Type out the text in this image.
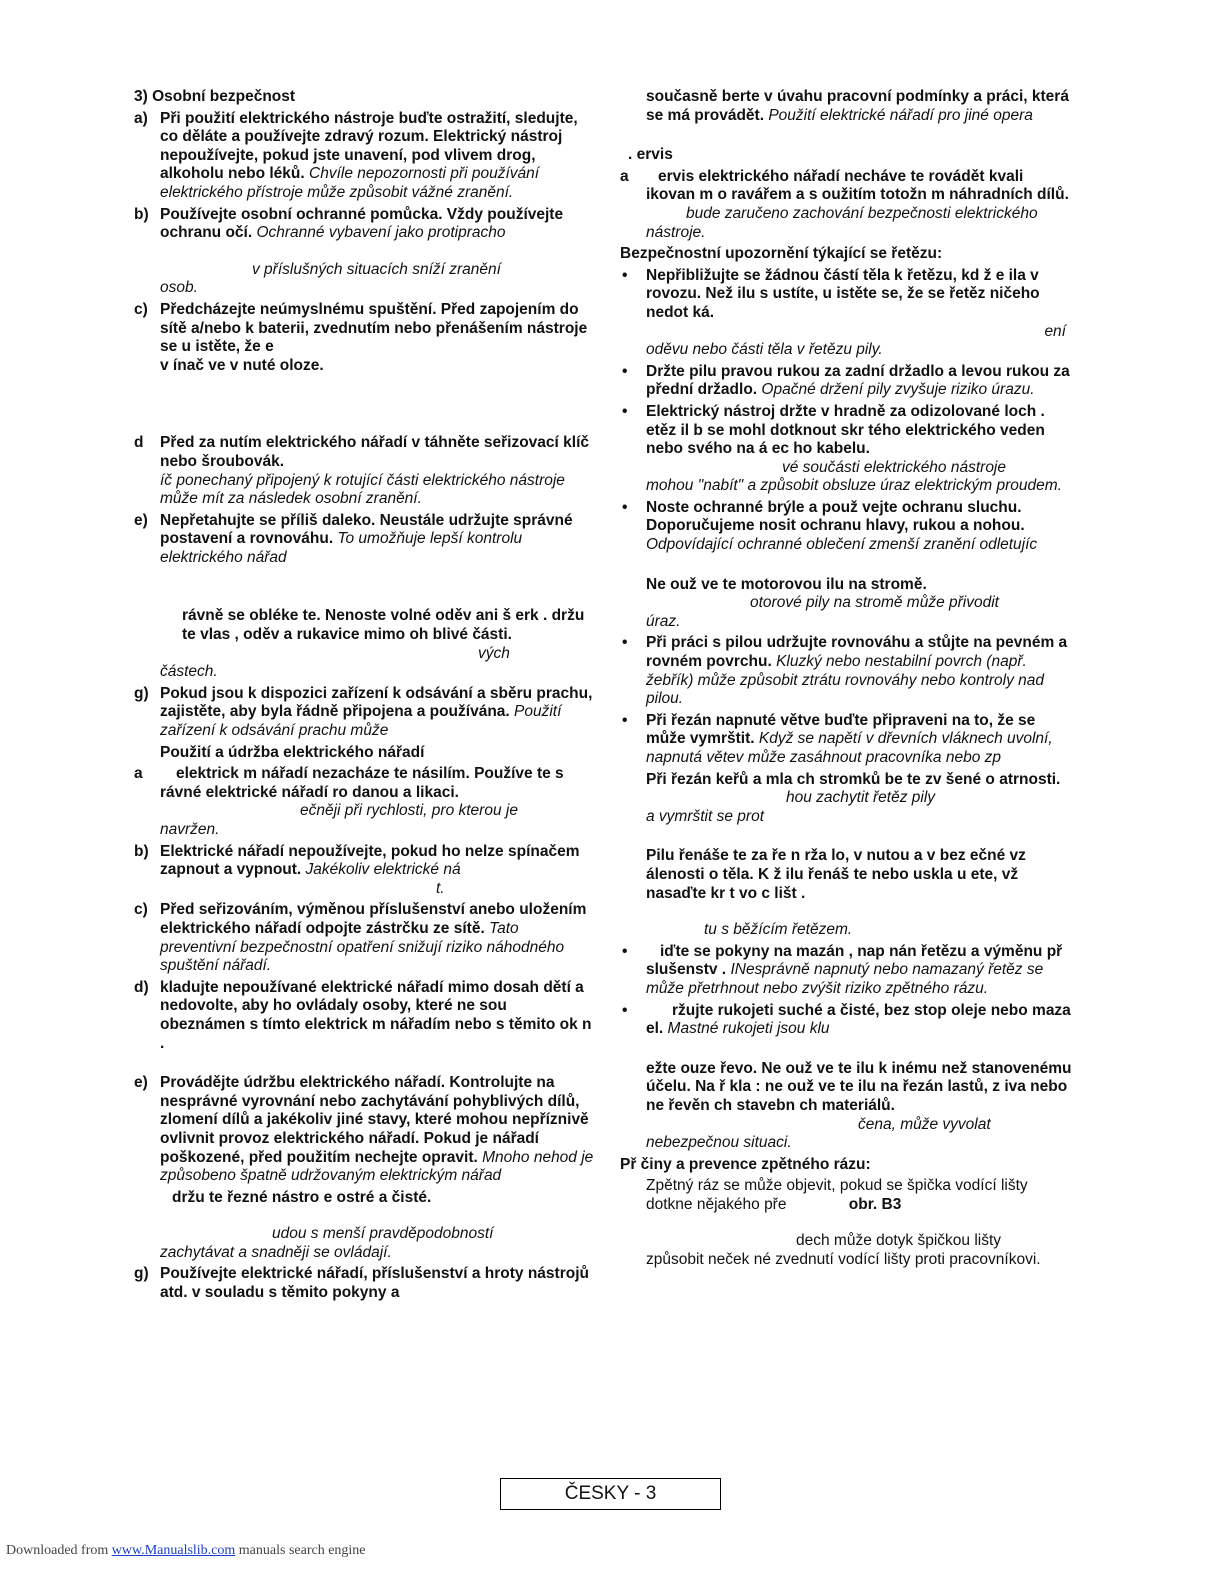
3) Osobní bezpečnost
a) Při použití elektrického nástroje buďte ostražití, sledujte, co děláte a používejte zdravý rozum. Elektrický nástroj nepoužívejte, pokud jste unavení, pod vlivem drog, alkoholu nebo léků. Chvíle nepozornosti při používání elektrického přístroje může způsobit vážné zranění.
b) Používejte osobní ochranné pomůcka. Vždy používejte ochranu očí. Ochranné vybavení jako protipracho
v příslušných situacích sníží zranění
osob.
c) Předcházejte neúmyslnému spuštění. Před zapojením do sítě a/nebo k baterii, zvednutím nebo přenášením nástroje se u istěte, že e
v ínač ve v nuté oloze.
d Před za nutím elektrického nářadí v táhněte seřizovací klíč nebo šroubovák.
íč ponechaný připojený k rotující části elektrického nástroje může mít za následek osobní zranění.
e) Nepřetahujte se příliš daleko. Neustále udržujte správné postavení a rovnováhu. To umožňuje lepší kontrolu elektrického nářad
rávně se obléke te. Nenoste volné oděv ani š erk . držu te vlas , oděv a rukavice mimo oh blivé části.
vých
částech.
g) Pokud jsou k dispozici zařízení k odsávání a sběru prachu, zajistěte, aby byla řádně připojena a používána. Použití zařízení k odsávání prachu může
Použití a údržba elektrického nářadí
a elektrick m nářadí nezacházе te násilím. Používe te s rávné elektrické nářadí ro danou a likaci.
ečněji při rychlosti, pro kterou je
navržen.
b) Elektrické nářadí nepoužívejte, pokud ho nelze spínačem zapnout a vypnout. Jakékoliv elektrické ná
t.
c) Před seřizováním, výměnou příslušenství anebo uložením elektrického nářadí odpojte zástrčku ze sítě. Tato preventivní bezpečnostní opatření snižují riziko náhodného spuštění nářadí.
d) kladujte nepoužívané elektrické nářadí mimo dosah dětí a nedovolte, aby ho ovládaly osoby, které ne sou obeznámen s tímto elektrick m nářadím nebo s těmito ok n .
e) Provádějte údržbu elektrického nářadí. Kontrolujte na nesprávné vyrovnání nebo zachytávání pohyblivých dílů, zlomení dílů a jakékoliv jiné stavy, které mohou nepříznivě ovlivnit provoz elektrického nářadí. Pokud je nářadí poškozené, před použitím nechejte opravit. Mnoho nehod je způsobeno špatně udržovaným elektrickým nářad
držu te řezné nástro e ostré a čisté.
udou s menší pravděpodobností
zachytávat a snadněji se ovládají.
g) Používejte elektrické nářadí, příslušenství a hroty nástrojů atd. v souladu s těmito pokyny a
současně berte v úvahu pracovní podmínky a práci, která se má provádět. Použití elektrické nářadí pro jiné opera
. ervis
a ervis elektrického nářadí nechávе te rovádět kvali ikovan m o ravářem a s oužitím totožn m náhradních dílů. bude zaručeno zachování bezpečnosti elektrického nástroje.
Bezpečnostní upozornění týkající se řetězu:
• Nepřibližujte se žádnou částí těla k řetězu, kd ž e ila v rovozu. Než ilu s ustíte, u istěte se, že se řetěz ničeho nedot ká.
ení
oděvu nebo části těla v řetězu pily.
• Držte pilu pravou rukou za zadní držadlo a levou rukou za přední držadlo. Opačné držení pily zvyšuje riziko úrazu.
• Elektrický nástroj držte v hradně za odizolované loch . etěz il b se mohl dotknout skr tého elektrického veden nebo svého na á ec ho kabelu.
vé součásti elektrického nástroje
mohou "nabít" a způsobit obsluze úraz elektrickým proudem.
• Noste ochranné brýle a použ vejte ochranu sluchu. Doporučujeme nosit ochranu hlavy, rukou a nohou. Odpovídající ochranné oblečení zmenší zranění odletujíc
Ne ouž ve te motorovou ilu na stromě.
otorové pily na stromě může přivodit
úraz.
• Při práci s pilou udržujte rovnováhu a stůjte na pevném a rovném povrchu. Kluzký nebo nestabilní povrch (např. žebřík) může způsobit ztrátu rovnováhy nebo kontroly nad pilou.
• Při řezán napnuté větve buďte připraveni na to, že se může vymrštit. Když se napětí v dřevních vláknech uvolní, napnutá větev může zasáhnout pracovníka nebo zp
Při řezán keřů a mla ch stromků be te zv šené o atrnosti. hou zachytit řetěz pily
a vymrštit se prot
Pilu řenáše te za ře n rža lo, v nutou a v bez ečné vz álenosti o těla. K ž ilu řenáš te nebo uskla u ete, vž nasaďte kr t vo c lišt .
tu s běžícím řetězem.
• iďte se pokyny na mazán , nap nán řetězu a výměnu př slušenstv . INesprávně napnutý nebo namazaný řetěz se může přetrhnout nebo zvýšit riziko zpětného rázu.
•	ržujte rukojeti suché a čisté, bez stop oleje nebo maza el. Mastné rukojeti jsou klu
ežte ouze řevo. Ne ouž ve te ilu k inému než stanovenému účelu. Na ř kla : ne ouž ve te ilu na řezán lastů, z iva nebo ne řevěn ch stavebn ch materiálů.
čena, může vyvolat
nebezpečnou situaci.
Př činy a prevence zpětného rázu:
Zpětný ráz se může objevit, pokud se špička vodící lišty dotkne nějakého pře	obr. B3
dech může dotyk špičkou lišty
způsobit neček né zvednutí vodící lišty proti pracovníkovi.
ČESKY - 3
Downloaded from www.Manualslib.com manuals search engine
